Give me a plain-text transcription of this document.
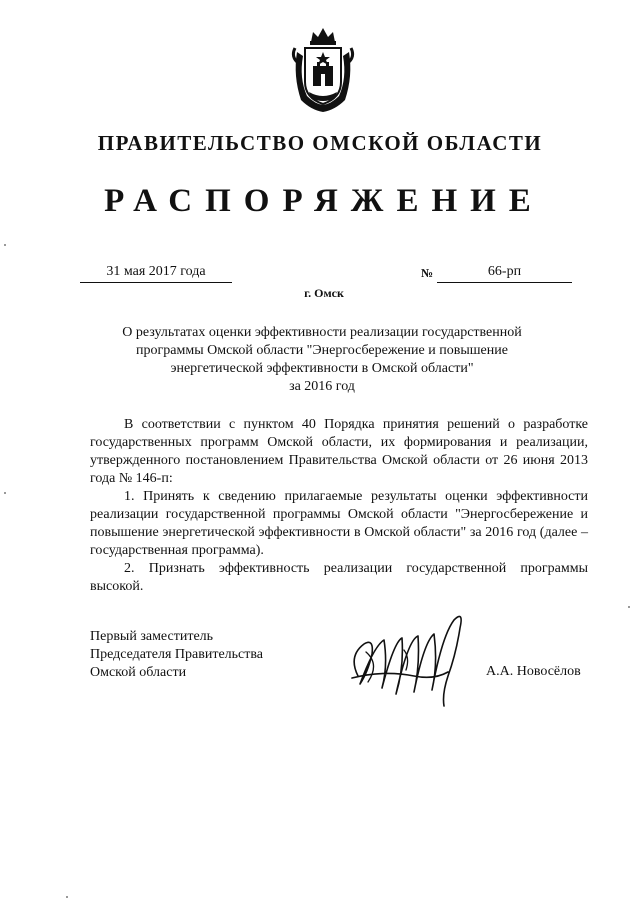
ПРАВИТЕЛЬСТВО ОМСКОЙ ОБЛАСТИ
РАСПОРЯЖЕНИЕ
31 мая 2017 года	№	66-рп
г. Омск
О результатах оценки эффективности реализации государственной
программы Омской области "Энергосбережение и повышение
энергетической эффективности в Омской области"
за 2016 год

В соответствии с пунктом 40 Порядка принятия решений о разработке государственных программ Омской области, их формирования и реализации, утвержденного постановлением Правительства Омской области от 26 июня 2013 года № 146-п:

1. Принять к сведению прилагаемые результаты оценки эффективности реализации государственной программы Омской области "Энергосбережение и повышение энергетической эффективности в Омской области" за 2016 год (далее – государственная программа).

2. Признать эффективность реализации государственной программы высокой.

Первый заместитель
Председателя Правительства
Омской области	А.А. Новосёлов
